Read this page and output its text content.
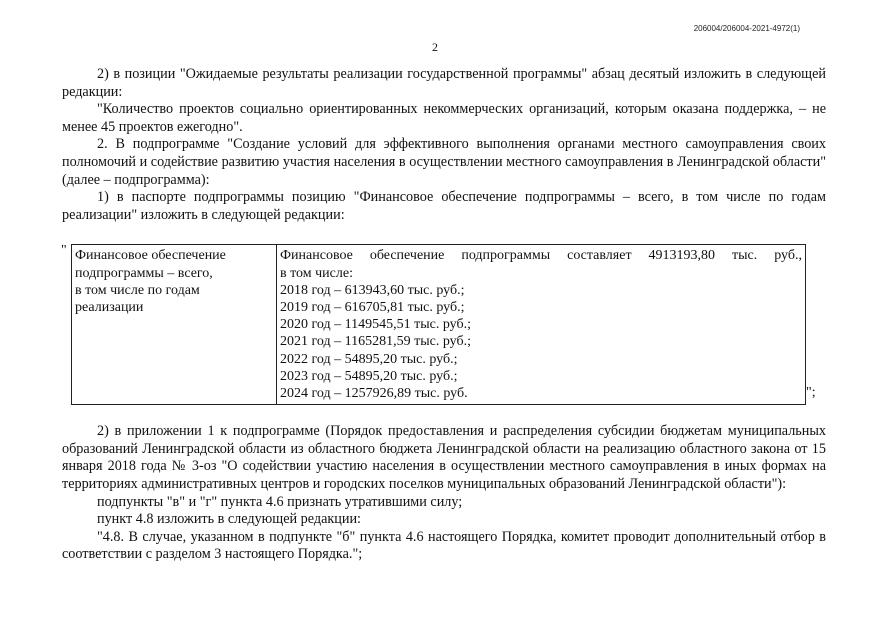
206004/206004-2021-4972(1)
2

2) в позиции "Ожидаемые результаты реализации государственной программы" абзац десятый изложить в следующей редакции:

"Количество проектов социально ориентированных некоммерческих организаций, которым оказана поддержка, – не менее 45 проектов ежегодно".

2. В подпрограмме "Создание условий для эффективного выполнения органами местного самоуправления своих полномочий и содействие развитию участия населения в осуществлении местного самоуправления в Ленинградской области" (далее – подпрограмма):

1) в паспорте подпрограммы позицию "Финансовое обеспечение подпрограммы – всего, в том числе по годам реализации" изложить в следующей редакции:

" Финансовое обеспечение
подпрограммы – всего,
в том числе по годам
реализации

Финансовое обеспечение подпрограммы составляет 4913193,80 тыс. руб.,
в том числе:
2018 год – 613943,60 тыс. руб.;
2019 год – 616705,81 тыс. руб.;
2020 год – 1149545,51 тыс. руб.;
2021 год – 1165281,59 тыс. руб.;
2022 год – 54895,20 тыс. руб.;
2023 год – 54895,20 тыс. руб.;
2024 год – 1257926,89 тыс. руб.	";

2) в приложении 1 к подпрограмме (Порядок предоставления и распределения субсидии бюджетам муниципальных образований Ленинградской области из областного бюджета Ленинградской области на реализацию областного закона от 15 января 2018 года № 3-оз "О содействии участию населения в осуществлении местного самоуправления в иных формах на территориях административных центров и городских поселков муниципальных образований Ленинградской области"):

подпункты "в" и "г" пункта 4.6 признать утратившими силу;

пункт 4.8 изложить в следующей редакции:

"4.8. В случае, указанном в подпункте "б" пункта 4.6 настоящего Порядка, комитет проводит дополнительный отбор в соответствии с разделом 3 настоящего Порядка.";
